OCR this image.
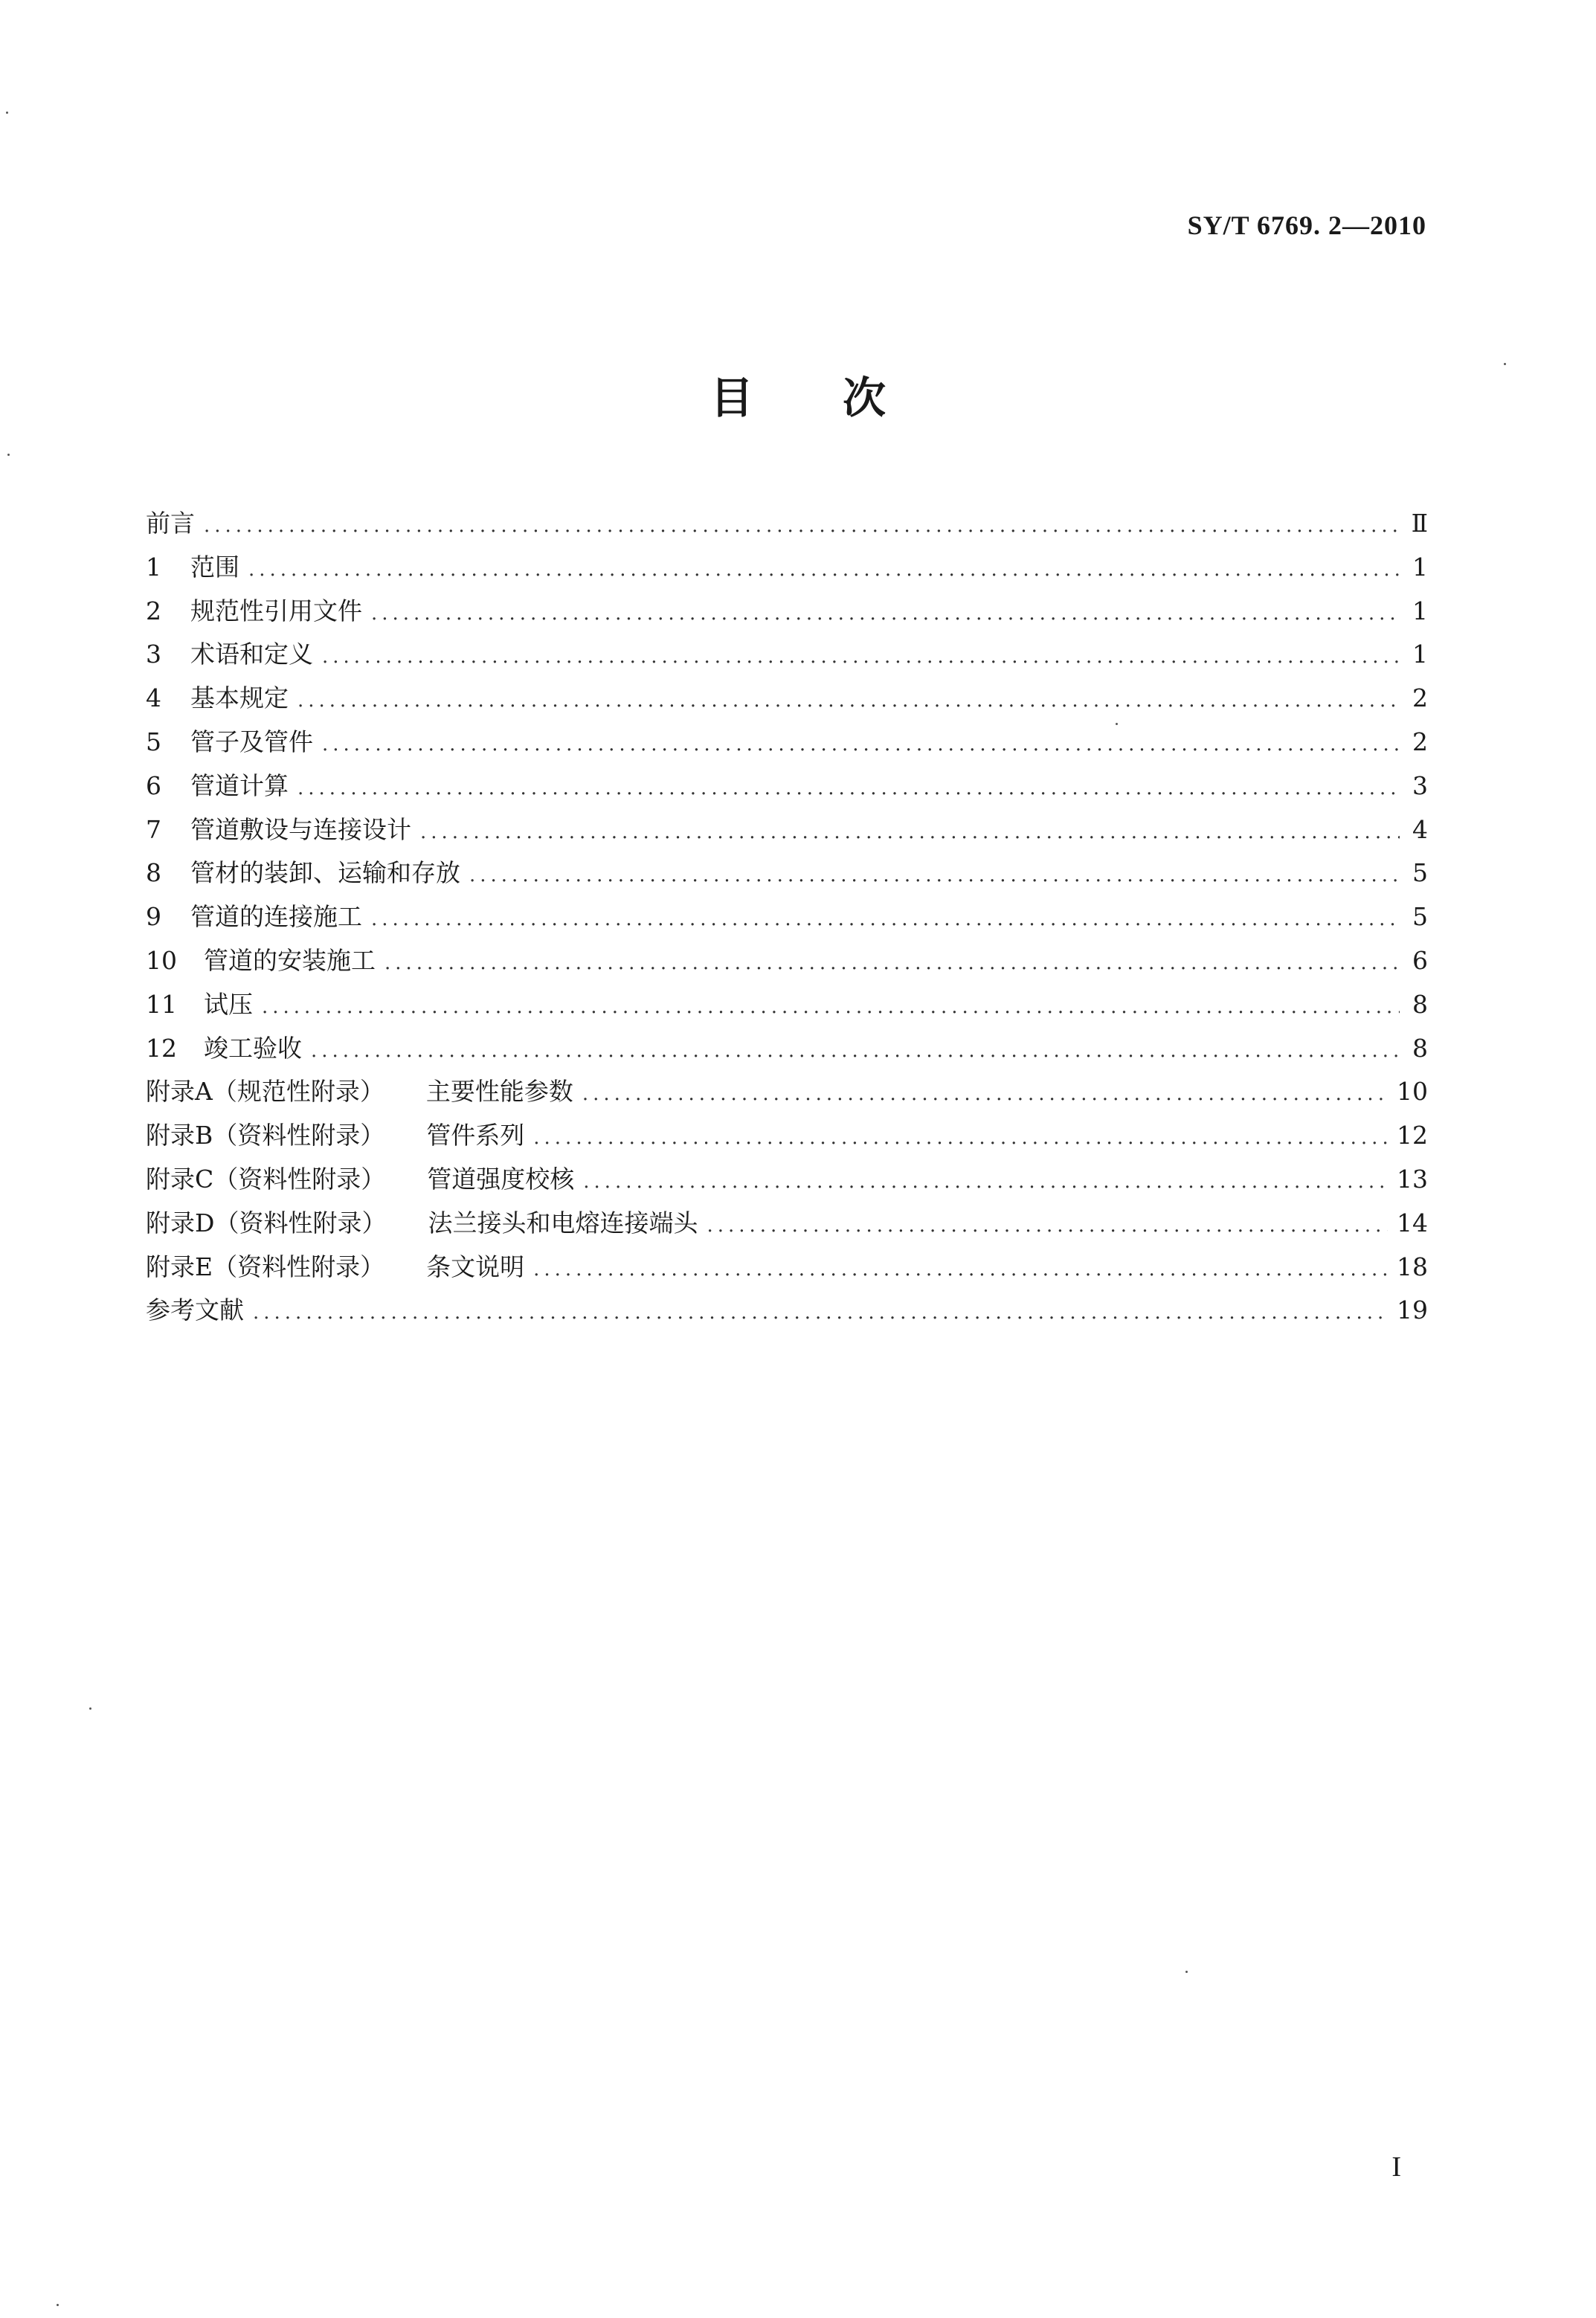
SY/T 6769. 2—2010
目次
前言 .....	Ⅱ
1	范围 .....	1
2	规范性引用文件 .....	1
3	术语和定义 .....	1
4	基本规定 .....	2
5	管子及管件 .....	2
6	管道计算 .....	3
7	管道敷设与连接设计 .....	4
8	管材的装卸、运输和存放 .....	5
9	管道的连接施工 .....	5
10	管道的安装施工 .....	6
11	试压 .....	8
12	竣工验收 .....	8
附录A（规范性附录） 主要性能参数 .....	10
附录B（资料性附录） 管件系列 .....	12
附录C（资料性附录） 管道强度校核 .....	13
附录D（资料性附录） 法兰接头和电熔连接端头 .....	14
附录E（资料性附录） 条文说明 .....	18
参考文献 .....	19
I
